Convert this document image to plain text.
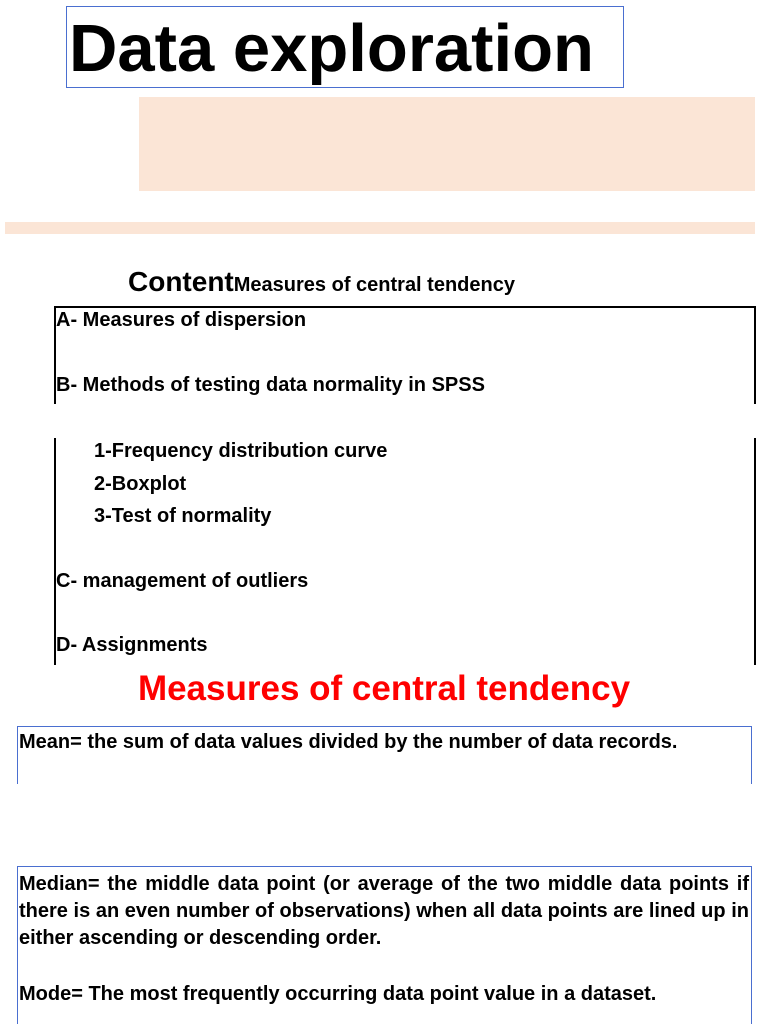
Data exploration
ContentMeasures of central tendency
A- Measures of dispersion
B- Methods of testing data normality in SPSS
1-Frequency distribution curve
2-Boxplot
3-Test of normality
C- management of outliers
D- Assignments
Measures of central tendency
Mean= the sum of data values divided by the number of data records.
Median= the middle data point (or average of the two middle data points if there is an even number of observations) when all data points are lined up in either ascending or descending order.
Mode= The most frequently occurring data point value in a dataset.
